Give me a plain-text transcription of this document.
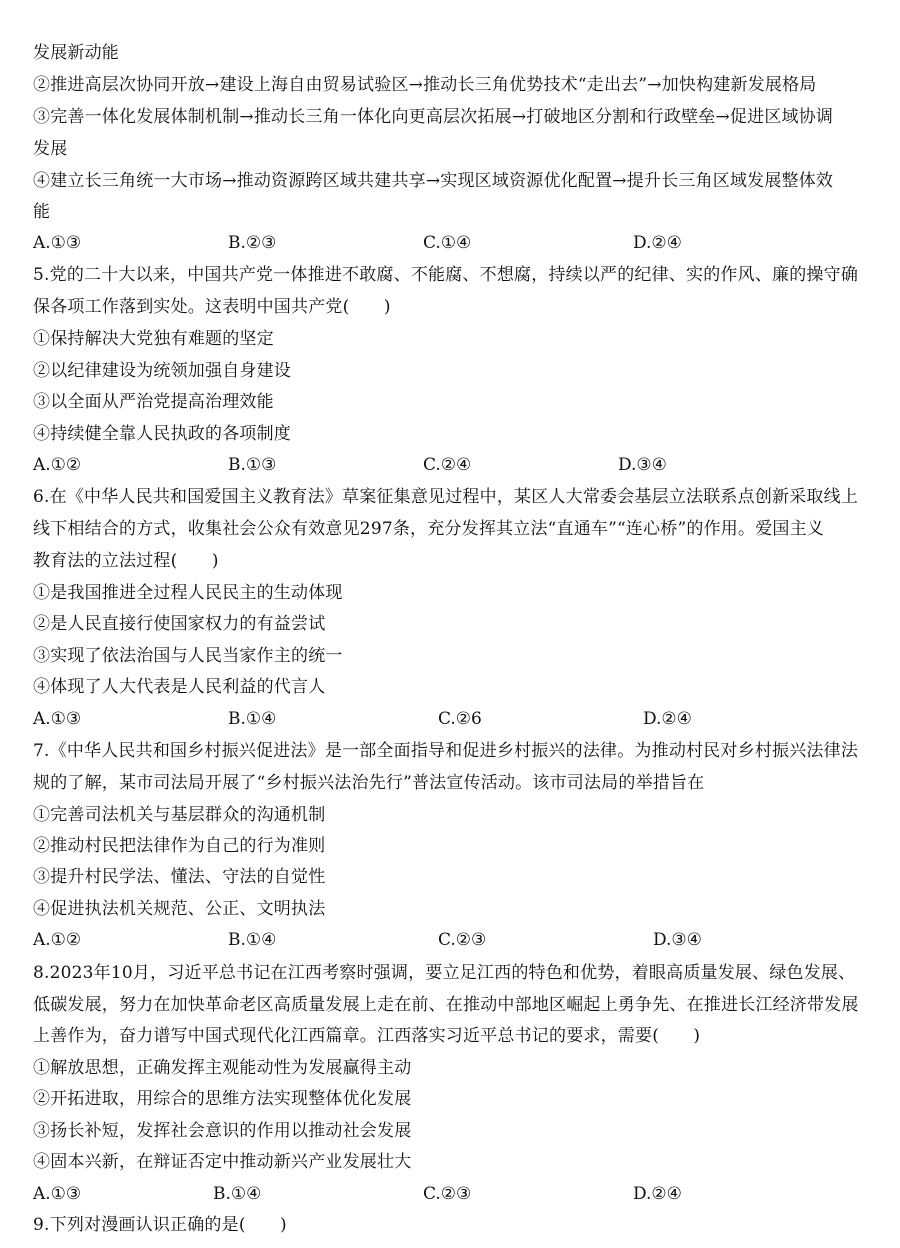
发展新动能
②推进高层次协同开放→建设上海自由贸易试验区→推动长三角优势技术“走出去”→加快构建新发展格局
③完善一体化发展体制机制→推动长三角一体化向更高层次拓展→打破地区分割和行政壁垒→促进区域协调
发展
④建立长三角统一大市场→推动资源跨区域共建共享→实现区域资源优化配置→提升长三角区域发展整体效
能
A.①③	B.②③	C.①④	D.②④
5.党的二十大以来，中国共产党一体推进不敢腐、不能腐、不想腐，持续以严的纪律、实的作风、廉的操守确
保各项工作落到实处。这表明中国共产党(　　)
①保持解决大党独有难题的坚定
②以纪律建设为统领加强自身建设
③以全面从严治党提高治理效能
④持续健全靠人民执政的各项制度
A.①②	B.①③	C.②④	D.③④
6.在《中华人民共和国爱国主义教育法》草案征集意见过程中，某区人大常委会基层立法联系点创新采取线上
线下相结合的方式，收集社会公众有效意见297条，充分发挥其立法“直通车”“连心桥”的作用。爱国主义
教育法的立法过程(　　)
①是我国推进全过程人民民主的生动体现
②是人民直接行使国家权力的有益尝试
③实现了依法治国与人民当家作主的统一
④体现了人大代表是人民利益的代言人
A.①③	B.①④	C.②6	D.②④
7.《中华人民共和国乡村振兴促进法》是一部全面指导和促进乡村振兴的法律。为推动村民对乡村振兴法律法
规的了解，某市司法局开展了“乡村振兴法治先行”普法宣传活动。该市司法局的举措旨在
①完善司法机关与基层群众的沟通机制
②推动村民把法律作为自己的行为准则
③提升村民学法、懂法、守法的自觉性
④促进执法机关规范、公正、文明执法
A.①②	B.①④	C.②③	D.③④
8.2023年10月，习近平总书记在江西考察时强调，要立足江西的特色和优势，着眼高质量发展、绿色发展、
低碳发展，努力在加快革命老区高质量发展上走在前、在推动中部地区崛起上勇争先、在推进长江经济带发展
上善作为，奋力谱写中国式现代化江西篇章。江西落实习近平总书记的要求，需要(　　)
①解放思想，正确发挥主观能动性为发展赢得主动
②开拓进取，用综合的思维方法实现整体优化发展
③扬长补短，发挥社会意识的作用以推动社会发展
④固本兴新，在辩证否定中推动新兴产业发展壮大
A.①③	B.①④	C.②③	D.②④
9.下列对漫画认识正确的是(　　)
